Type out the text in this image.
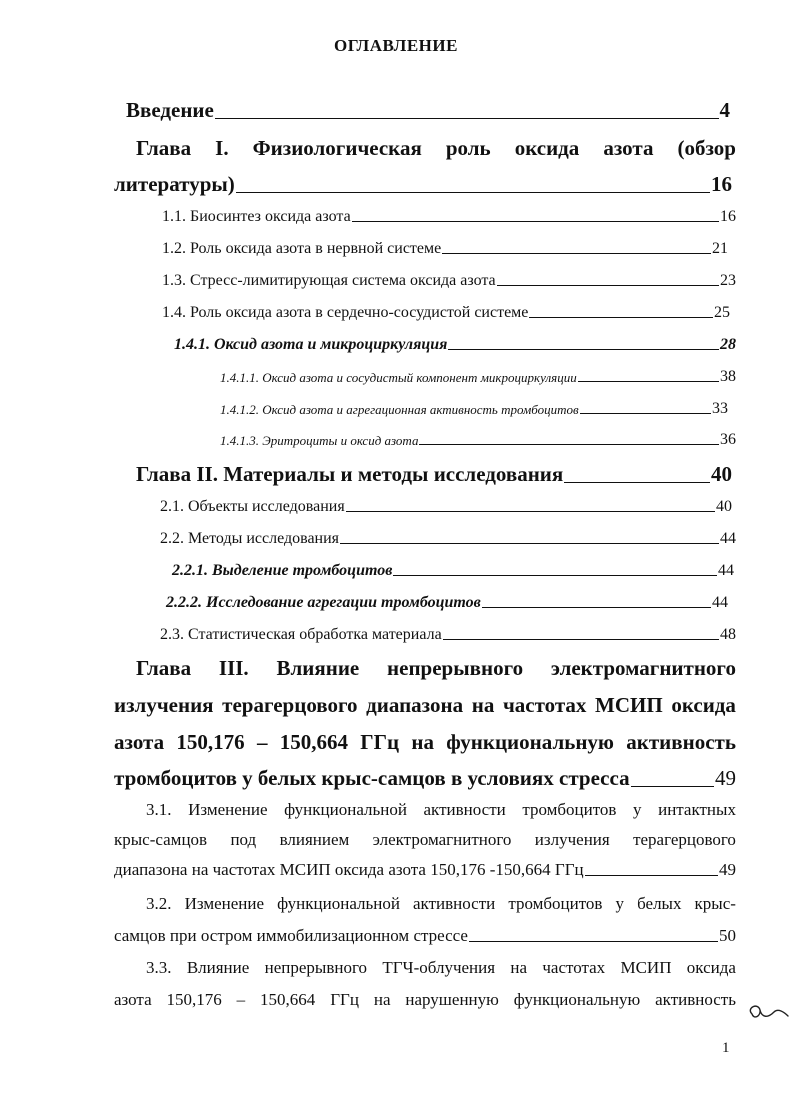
ОГЛАВЛЕНИЕ
Введение	4
Глава I. Физиологическая роль оксида азота (обзор
литературы)	16
1.1. Биосинтез оксида азота	16
1.2. Роль оксида азота в нервной системе	21
1.3. Стресс-лимитирующая система оксида азота	23
1.4. Роль оксида азота в сердечно-сосудистой системе	25
1.4.1. Оксид азота и микроциркуляция	28
1.4.1.1. Оксид азота и сосудистый компонент микроциркуляции	38
1.4.1.2. Оксид азота и агрегационная активность тромбоцитов	33
1.4.1.3. Эритроциты и оксид азота	36
Глава II. Материалы и методы исследования	40
2.1. Объекты исследования	40
2.2. Методы исследования	44
2.2.1. Выделение тромбоцитов	44
2.2.2. Исследование агрегации тромбоцитов	44
2.3. Статистическая обработка материала	48
Глава III. Влияние непрерывного электромагнитного
излучения терагерцового диапазона на частотах МСИП оксида
азота 150,176 – 150,664 ГГц на функциональную активность
тромбоцитов у белых крыс-самцов в условиях стресса	49
3.1. Изменение функциональной активности тромбоцитов у интактных
крыс-самцов под влиянием электромагнитного излучения терагерцового
диапазона на частотах МСИП оксида азота 150,176 -150,664 ГГц	49
3.2. Изменение функциональной активности тромбоцитов у белых крыс-
самцов при остром иммобилизационном стрессе	50
3.3. Влияние непрерывного ТГЧ-облучения на частотах МСИП оксида
азота 150,176 – 150,664 ГГц на нарушенную функциональную активность
1
